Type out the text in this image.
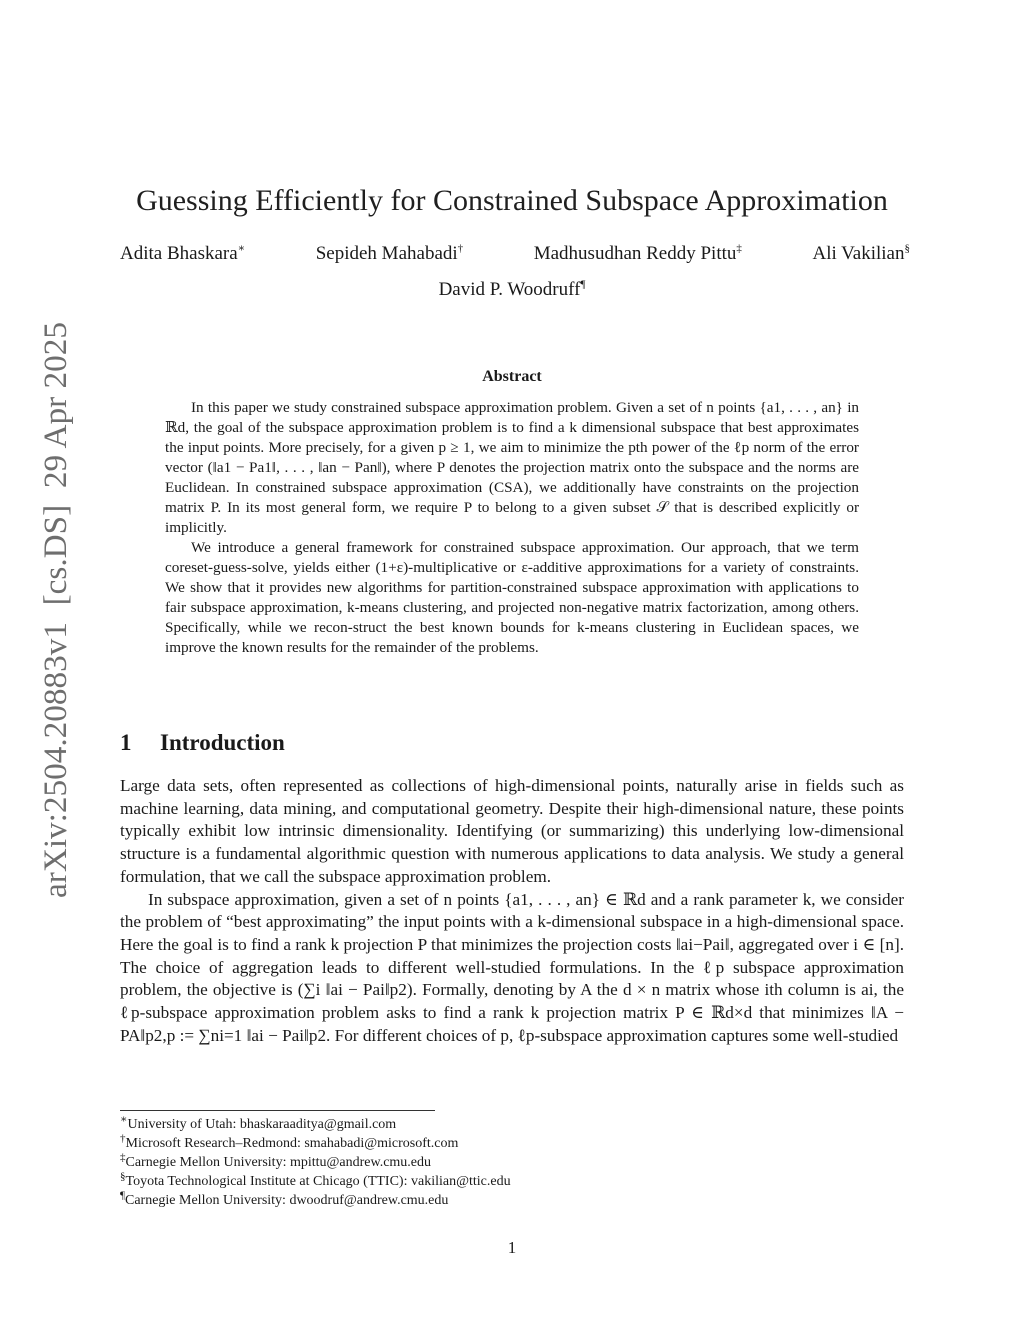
arXiv:2504.20883v1  [cs.DS]  29 Apr 2025
Guessing Efficiently for Constrained Subspace Approximation
Adita Bhaskara∗	Sepideh Mahabadi†	Madhusudhan Reddy Pittu‡	Ali Vakilian§
David P. Woodruff¶
Abstract

In this paper we study constrained subspace approximation problem. Given a set of n points {a1, . . . , an} in ℝd, the goal of the subspace approximation problem is to find a k dimensional subspace that best approximates the input points. More precisely, for a given p ≥ 1, we aim to minimize the pth power of the ℓp norm of the error vector (‖a1 − Pa1‖, . . . , ‖an − Pan‖), where P denotes the projection matrix onto the subspace and the norms are Euclidean. In constrained subspace approximation (CSA), we additionally have constraints on the projection matrix P. In its most general form, we require P to belong to a given subset 𝒮 that is described explicitly or implicitly.

We introduce a general framework for constrained subspace approximation. Our approach, that we term coreset-guess-solve, yields either (1+ε)-multiplicative or ε-additive approximations for a variety of constraints. We show that it provides new algorithms for partition-constrained subspace approximation with applications to fair subspace approximation, k-means clustering, and projected non-negative matrix factorization, among others. Specifically, while we recon-struct the best known bounds for k-means clustering in Euclidean spaces, we improve the known results for the remainder of the problems.

1 Introduction

Large data sets, often represented as collections of high-dimensional points, naturally arise in fields such as machine learning, data mining, and computational geometry. Despite their high-dimensional nature, these points typically exhibit low intrinsic dimensionality. Identifying (or summarizing) this underlying low-dimensional structure is a fundamental algorithmic question with numerous applications to data analysis. We study a general formulation, that we call the subspace approximation problem.

In subspace approximation, given a set of n points {a1, . . . , an} ∈ ℝd and a rank parameter k, we consider the problem of “best approximating” the input points with a k-dimensional subspace in a high-dimensional space. Here the goal is to find a rank k projection P that minimizes the projection costs ‖ai−Pai‖, aggregated over i ∈ [n]. The choice of aggregation leads to different well-studied formulations. In the ℓp subspace approximation problem, the objective is (∑i ‖ai − Pai‖p2). Formally, denoting by A the d × n matrix whose ith column is ai, the ℓp-subspace approximation problem asks to find a rank k projection matrix P ∈ ℝd×d that minimizes ‖A − PA‖p2,p := ∑ni=1 ‖ai − Pai‖p2. For different choices of p, ℓp-subspace approximation captures some well-studied

∗University of Utah: bhaskaraaditya@gmail.com
†Microsoft Research–Redmond: smahabadi@microsoft.com
‡Carnegie Mellon University: mpittu@andrew.cmu.edu
§Toyota Technological Institute at Chicago (TTIC): vakilian@ttic.edu
¶Carnegie Mellon University: dwoodruf@andrew.cmu.edu
1
